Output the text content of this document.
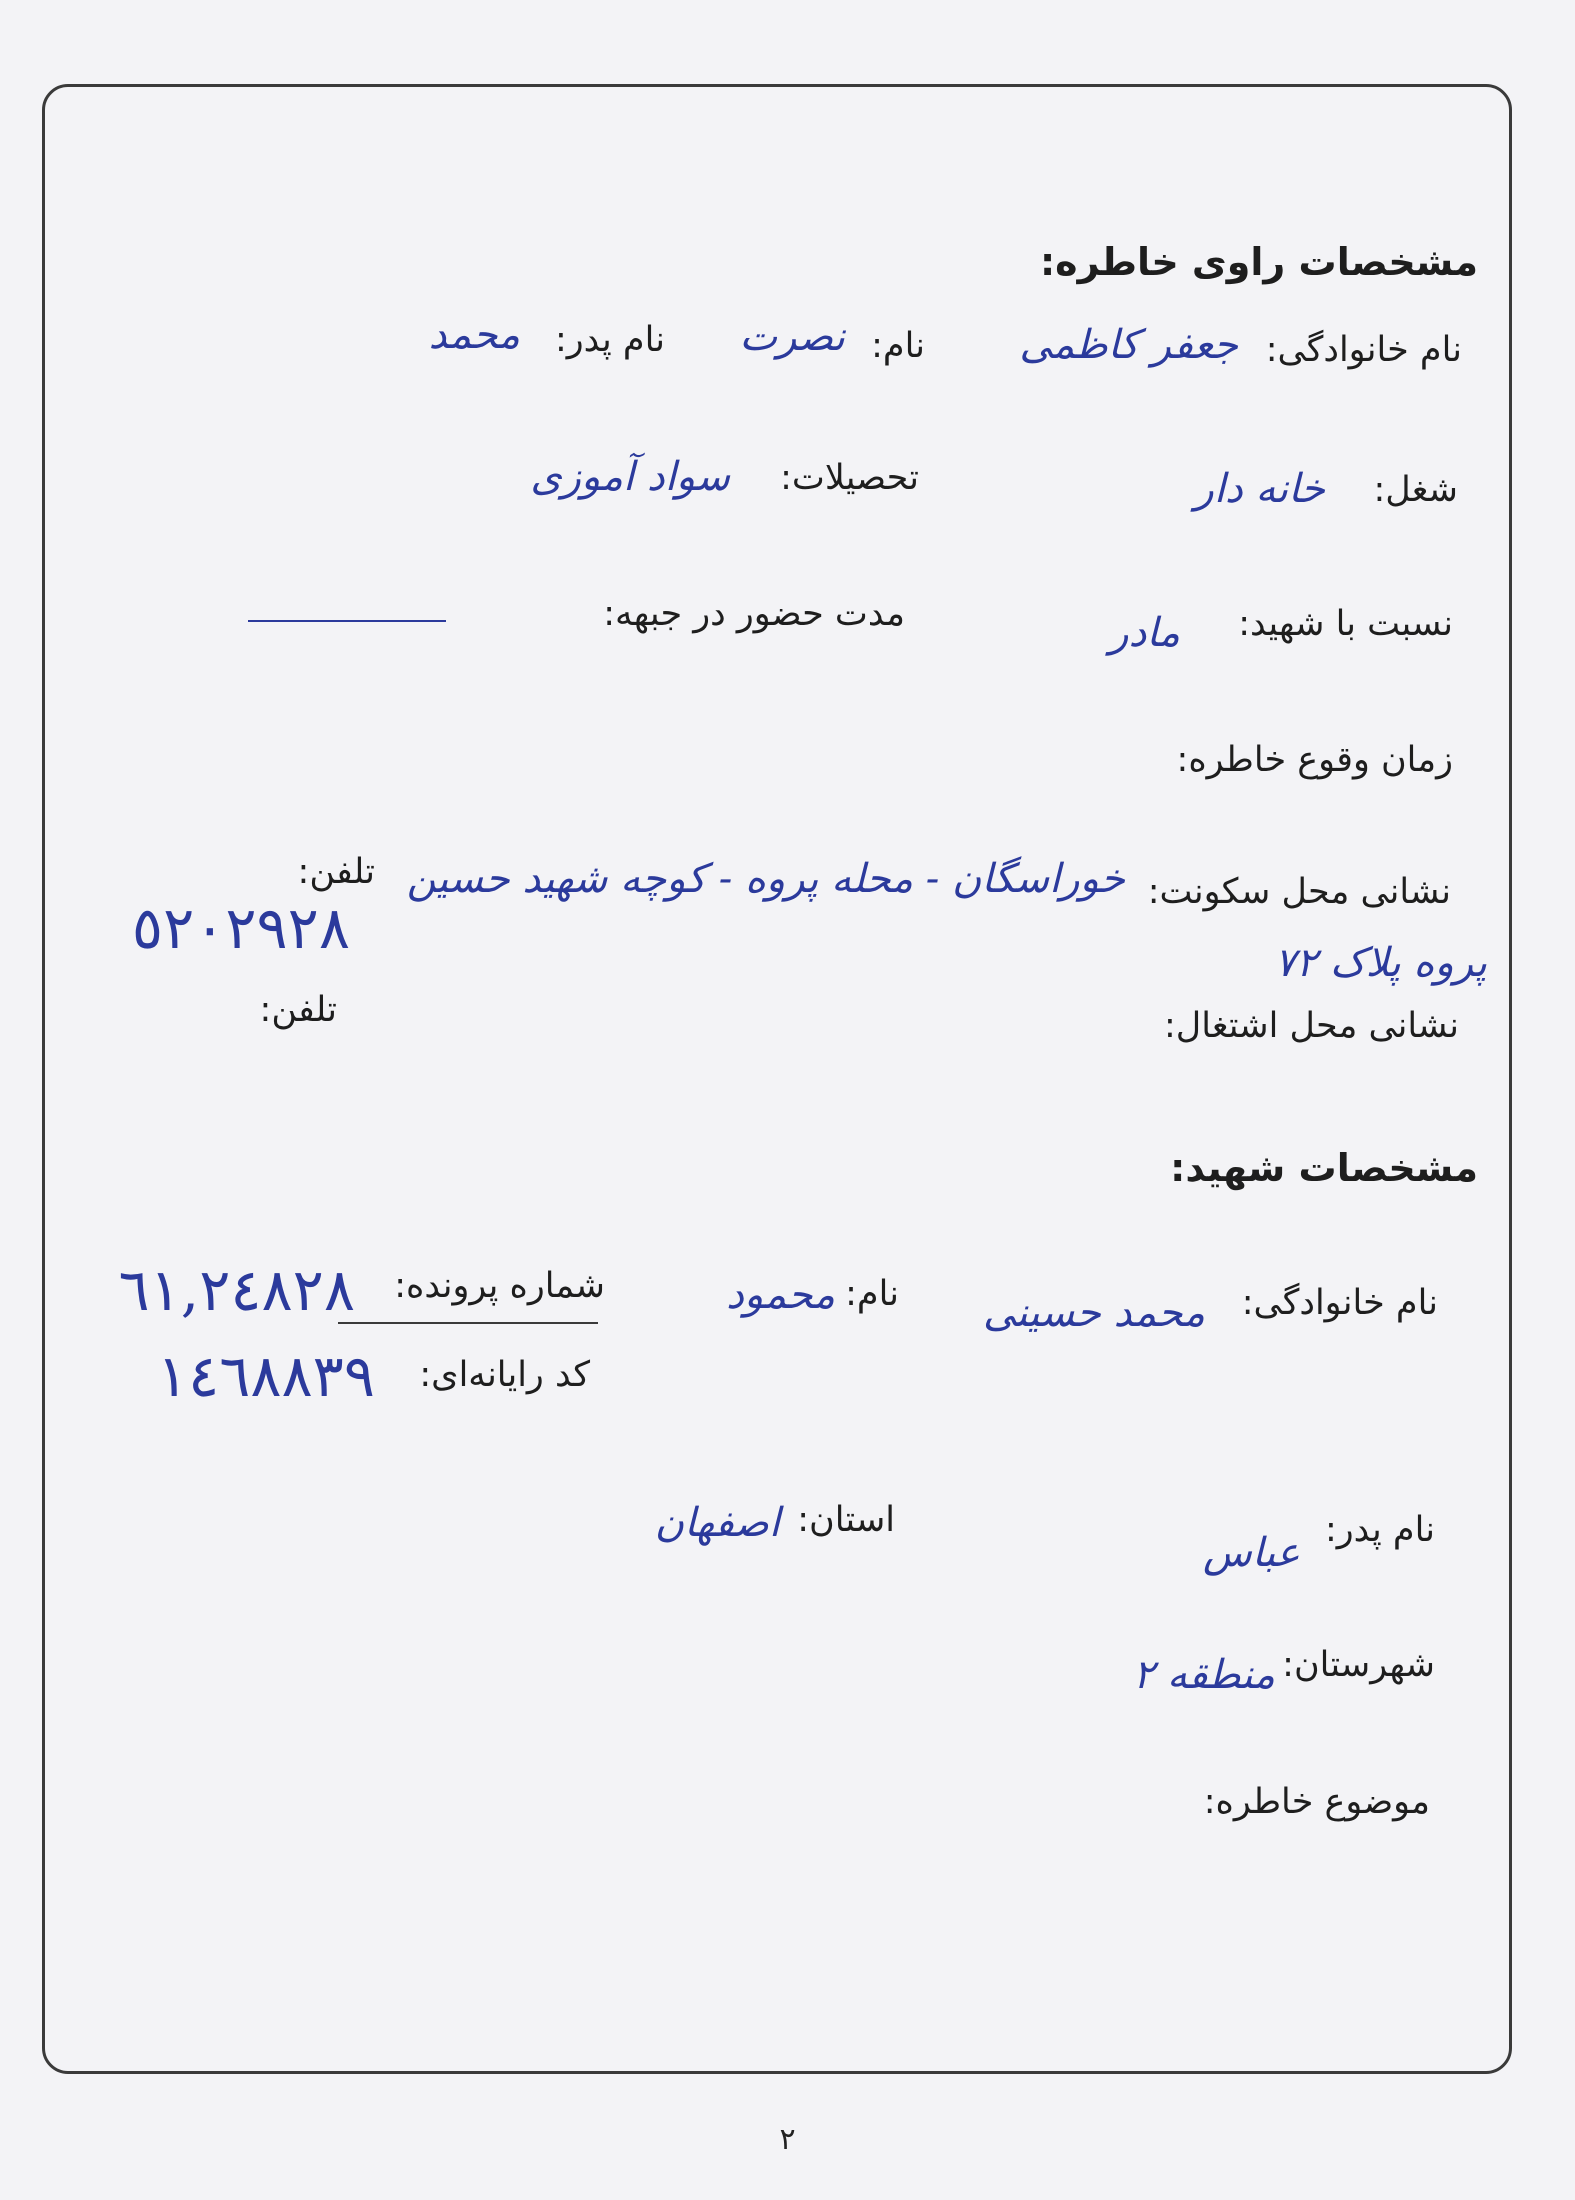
مشخصات راوی خاطره:
نام خانوادگی:
جعفر کاظمی
نام:
نصرت
نام پدر:
محمد
شغل:
خانه دار
تحصیلات:
سواد آموزی
نسبت با شهید:
مادر
مدت حضور در جبهه:
زمان وقوع خاطره:
نشانی محل سکونت:
خوراسگان - محله پروه - کوچه شهید حسین
پروه پلاک ۷۲
تلفن:
٥٢٠٢٩٢٨
نشانی محل اشتغال:
تلفن:
مشخصات شهید:
نام خانوادگی:
محمد حسینی
نام:
محمود
شماره پرونده:
٦١,٢٤٨٢٨
کد رایانه‌ای:
١٤٦٨٨٣٩
نام پدر:
عباس
استان:
اصفهان
شهرستان:
منطقه ۲
موضوع خاطره:
۲
